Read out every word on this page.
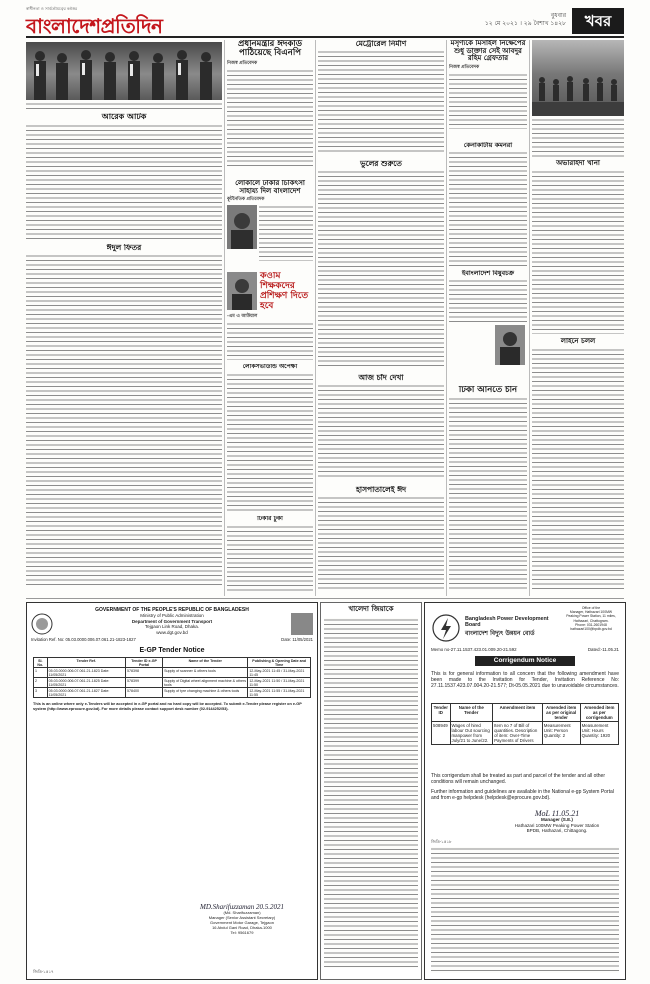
স্বাধীনতা ও সার্বভৌমত্বের কণ্ঠস্বর
বাংলাদেশপ্রতিদিন	বুধবার
১২ মে ২০২১ । ২৯ বৈশাখ ১৪২৮	খবর
আরেক আটক
ঈদুল ফিতর
প্রধানমন্ত্রীর ঈদকার্ড পাঠিয়েছে বিএনপি
নিজস্ব প্রতিবেদক
লোকালে ঢাকার চিকিৎসা সাহায্য দিল বাংলাদেশ
কূটনৈতিক প্রতিবেদক
কওমি শিক্ষকদের প্রশিক্ষণ দিতে হবে
-এম এ আউয়াল
লোকসভাউন্ডি অপেক্ষা
টিকার ঢুকা
মেট্রোরেল নির্মাণ
ভুলের শুরুতে
আজ চাঁদ দেখা
হাসপাতালেই ঈদ
মসৃণ্যকে মিসাইল নিক্ষেপের শুধু ডাক্তার সেই আবদুর রহিম গ্রেফতার
নিজস্ব প্রতিবেদক
কেনাকাটায় কমনরা
ইবাংলাদেশ বিষুবচক্র
টিকা আনতে চীন
অভারাইদা খানা
লাইনে চলল
GOVERNMENT OF THE PEOPLE'S REPUBLIC OF BANGLADESH
Ministry of Public Administration
Department of Government Transport
Tejgaon Link Road, Dhaka.
www.dgt.gov.bd
Invitation Ref. No: 05.03.0000.006.07.061.21-1823-1827	Date: 11/05/2021
E-GP Tender Notice
Sl. No.	Tender Ref.	Tender ID e-GP Portal	Name of the Tender	Publishing & Opening Date and Time
1	05.03.0000.006.07.061.21-1823 Date: 11/05/2021	578398	Supply of scanner & others tools	12-May-2021 11:45 / 31-May-2021 11:45
2	05.03.0000.006.07.061.21-1825 Date: 11/05/2021	578399	Supply of Digital wheel alignment machine & others tools	12-May-2021 11:50 / 31-May-2021 11:50
3	05.03.0000.006.07.061.21-1827 Date: 11/05/2021	578400	Supply of tyre changing machine & others tools	12-May-2021 11:55 / 31-May-2021 11:55
This is an online where only e-Tenders will be accepted in e-GP portal and no hard copy will be accepted. To submit e-Tender please register on e-GP system (http://www.eprocure.gov.bd). For more details please contact support desk number (02-9144252/53).
MD.Sharifuzzaman 20.5.2021
(Md. Sharifuzzaman)
Manager (Senior Assistant Secretary)
Government Motor Garage, Tejgaon
16 Abdul Gani Road, Dhaka-1000
Tel: 9561679
জিডি-১৫১৭
খালেদা জিয়াকে	Office of the
Manager, Hathazari 100MW
Peaking Power Station, 11 miles,
Hathazari, Chattogram.
Phone: 031-2601948
hathazari100@bpdb.gov.bd
Bangladesh Power Development Board
বাংলাদেশ বিদ্যুৎ উন্নয়ন বোর্ড
Memo no-27.11.1537.423.01.009.20-21.592	Dated:-11.05.21
Corrigendum Notice
This is for general information to all concern that the following amendment have been made to the Invitation for Tender, Invitation Reference No: 27.11.1537.423.07.004.20-21.577; Dt-05.05.2021 due to unavoidable circumstances.
Tender ID	Name of the Tender	Amendment item	Amended item as per original tender	Amended item as per corrigendum
508949	Wages of hired labour Out sourcing manpower from July/21 to June/22.	Item no 7 of Bill of quantities. Description of item: Over-Time Payments of Drivers	Measurement Unit: Person Quantity: 2	Measurement Unit: Hours Quantity: 1920
This corrigendum shall be treated as part and parcel of the tender and all other conditions will remain unchanged.
Further information and guidelines are available in the National e-gp System Portal and from e-gp helpdesk (helpdesk@eprocure.gov.bd).
MoL 11.05.21
Manager (S.E.)
Hathazari 100MW Peaking Power Station
BPDB, Hathazari, Chittagong.
জিডি-১৫১৮
